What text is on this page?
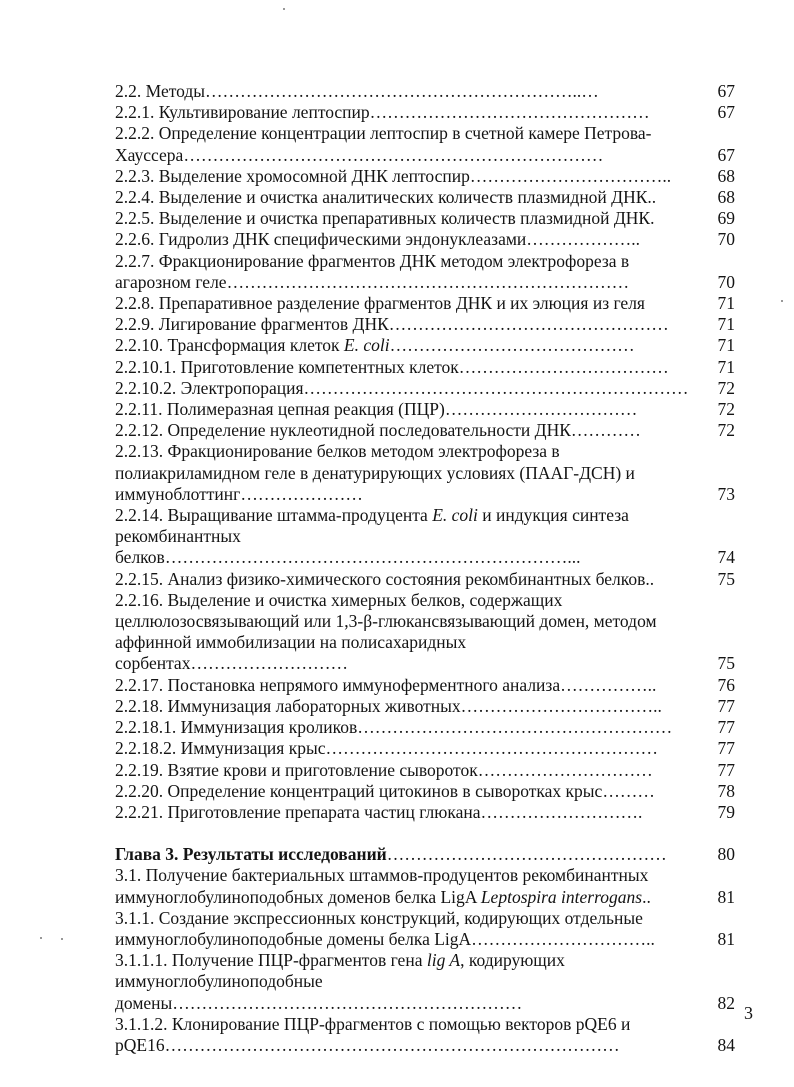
2.2. Методы………………………………………………………..…	67
2.2.1. Культивирование лептоспир…………………………………………	67
2.2.2. Определение концентрации лептоспир в счетной камере Петрова-Хауссера………………………………………………………………	67
2.2.3. Выделение хромосомной ДНК лептоспир……………………………..	68
2.2.4. Выделение и очистка аналитических количеств плазмидной ДНК..	68
2.2.5. Выделение и очистка препаративных количеств плазмидной ДНК.	69
2.2.6. Гидролиз ДНК специфическими эндонуклеазами………………..	70
2.2.7. Фракционирование фрагментов ДНК методом электрофореза в агарозном геле……………………………………………………………	70
2.2.8. Препаративное разделение фрагментов ДНК и их элюция из геля	71
2.2.9. Лигирование фрагментов ДНК…………………………………………	71
2.2.10. Трансформация клеток E. coli……………………………………	71
2.2.10.1. Приготовление компетентных клеток………………………………	71
2.2.10.2. Электропорация…………………………………………………………	72
2.2.11. Полимеразная цепная реакция (ПЦР)……………………………	72
2.2.12. Определение нуклеотидной последовательности ДНК…………	72
2.2.13. Фракционирование белков методом электрофореза в полиакриламидном геле в денатурирующих условиях (ПААГ-ДСН) и иммуноблоттинг…………………	73
2.2.14. Выращивание штамма-продуцента E. coli и индукция синтеза рекомбинантных белков……………………………………………………………...	74
2.2.15. Анализ физико-химического состояния рекомбинантных белков..	75
2.2.16. Выделение и очистка химерных белков, содержащих целлюлозосвязывающий или 1,3-β-глюкансвязывающий домен, методом аффинной иммобилизации на полисахаридных сорбентах………………………	75
2.2.17. Постановка непрямого иммуноферментного анализа……………..	76
2.2.18. Иммунизация лабораторных животных……………………………..	77
2.2.18.1. Иммунизация кроликов………………………………………………	77
2.2.18.2. Иммунизация крыс…………………………………………………	77
2.2.19. Взятие крови и приготовление сывороток…………………………	77
2.2.20. Определение концентраций цитокинов в сыворотках крыс………	78
2.2.21. Приготовление препарата частиц глюкана……………………….	79
Глава 3. Результаты исследований…………………………………………	80
3.1. Получение бактериальных штаммов-продуцентов рекомбинантных иммуноглобулиноподобных доменов белка LigA Leptospira interrogans..	81
3.1.1. Создание экспрессионных конструкций, кодирующих отдельные иммуноглобулиноподобные домены белка LigA…………………………..	81
3.1.1.1. Получение ПЦР-фрагментов гена lig A, кодирующих иммуноглобулиноподобные домены……………………………………………………	82
3.1.1.2. Клонирование ПЦР-фрагментов с помощью векторов pQE6 и pQE16……………………………………………………………………	84
3
